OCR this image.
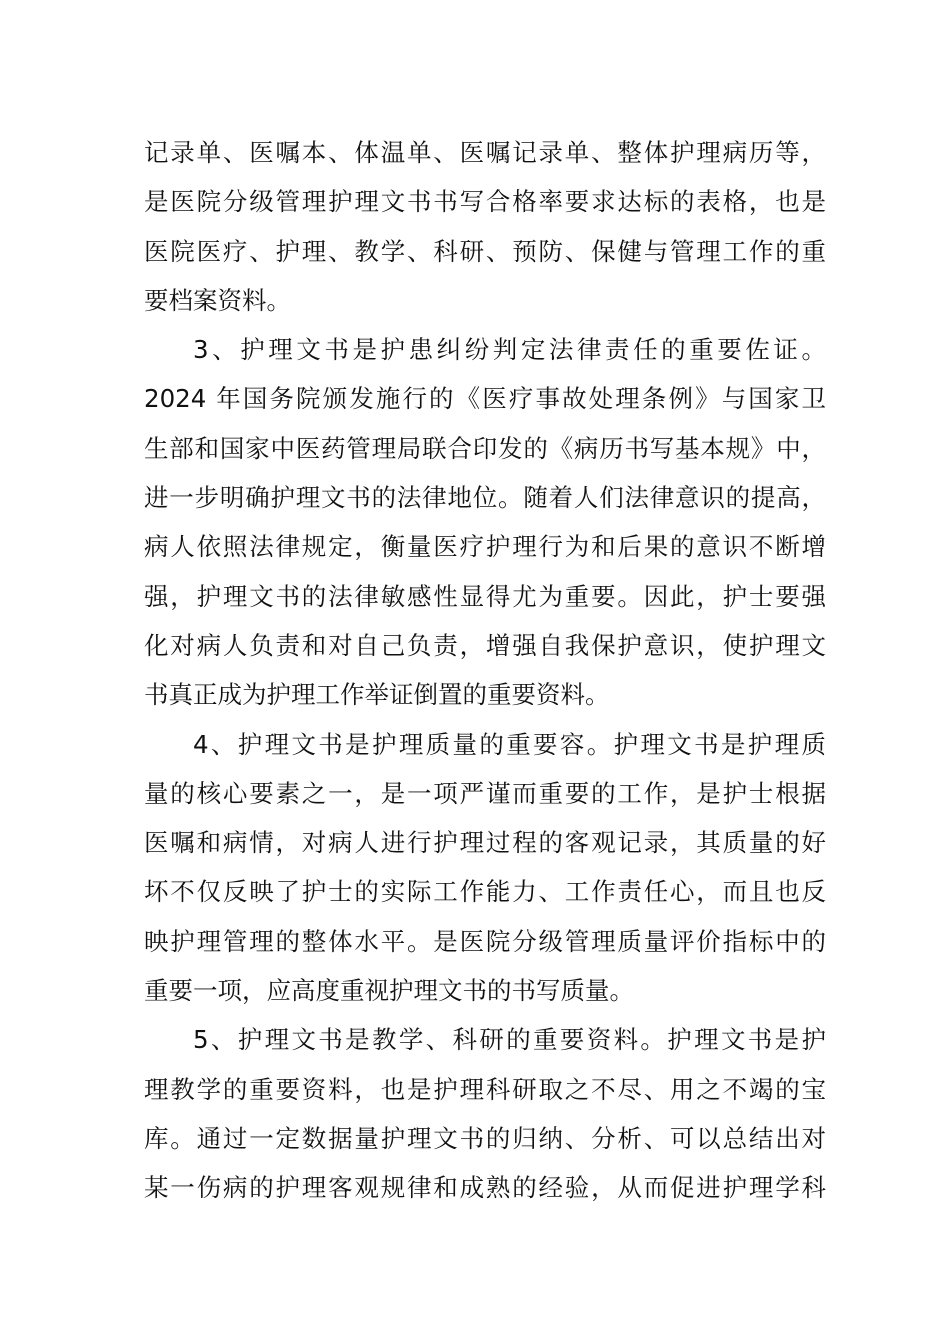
记录单、医嘱本、体温单、医嘱记录单、整体护理病历等，
是医院分级管理护理文书书写合格率要求达标的表格，也是
医院医疗、护理、教学、科研、预防、保健与管理工作的重
要档案资料。
3、护理文书是护患纠纷判定法律责任的重要佐证。
2024 年国务院颁发施行的《医疗事故处理条例》与国家卫
生部和国家中医药管理局联合印发的《病历书写基本规》中，
进一步明确护理文书的法律地位。随着人们法律意识的提高，
病人依照法律规定，衡量医疗护理行为和后果的意识不断增
强，护理文书的法律敏感性显得尤为重要。因此，护士要强
化对病人负责和对自己负责，增强自我保护意识，使护理文
书真正成为护理工作举证倒置的重要资料。
4、护理文书是护理质量的重要容。护理文书是护理质
量的核心要素之一，是一项严谨而重要的工作，是护士根据
医嘱和病情，对病人进行护理过程的客观记录，其质量的好
坏不仅反映了护士的实际工作能力、工作责任心，而且也反
映护理管理的整体水平。是医院分级管理质量评价指标中的
重要一项，应高度重视护理文书的书写质量。
5、护理文书是教学、科研的重要资料。护理文书是护
理教学的重要资料，也是护理科研取之不尽、用之不竭的宝
库。通过一定数据量护理文书的归纳、分析、可以总结出对
某一伤病的护理客观规律和成熟的经验，从而促进护理学科
